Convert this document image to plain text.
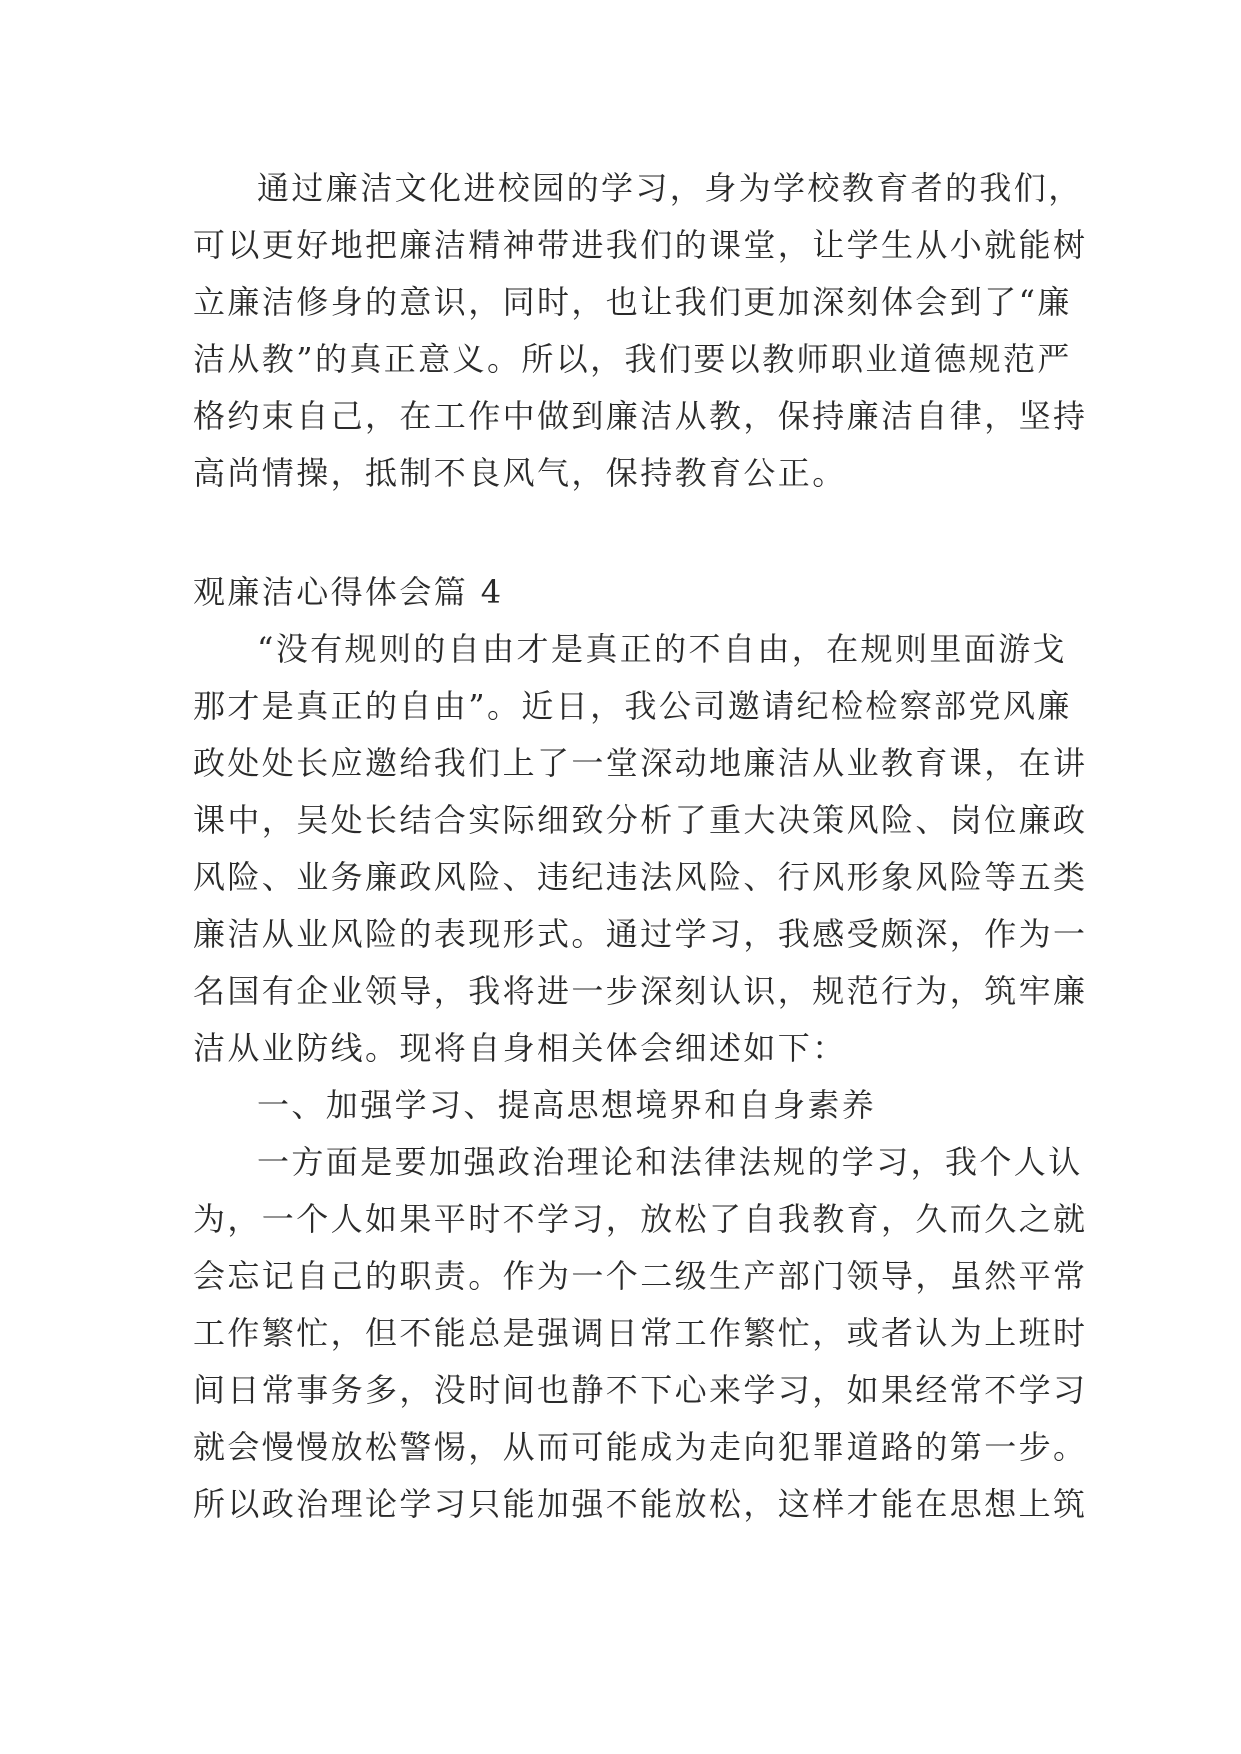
通过廉洁文化进校园的学习，身为学校教育者的我们，
可以更好地把廉洁精神带进我们的课堂，让学生从小就能树
立廉洁修身的意识，同时，也让我们更加深刻体会到了“廉
洁从教”的真正意义。所以，我们要以教师职业道德规范严
格约束自己，在工作中做到廉洁从教，保持廉洁自律，坚持
高尚情操，抵制不良风气，保持教育公正。
观廉洁心得体会篇 4
“没有规则的自由才是真正的不自由，在规则里面游戈
那才是真正的自由”。近日，我公司邀请纪检检察部党风廉
政处处长应邀给我们上了一堂深动地廉洁从业教育课，在讲
课中，吴处长结合实际细致分析了重大决策风险、岗位廉政
风险、业务廉政风险、违纪违法风险、行风形象风险等五类
廉洁从业风险的表现形式。通过学习，我感受颇深，作为一
名国有企业领导，我将进一步深刻认识，规范行为，筑牢廉
洁从业防线。现将自身相关体会细述如下：
一、加强学习、提高思想境界和自身素养
一方面是要加强政治理论和法律法规的学习，我个人认
为，一个人如果平时不学习，放松了自我教育，久而久之就
会忘记自己的职责。作为一个二级生产部门领导，虽然平常
工作繁忙，但不能总是强调日常工作繁忙，或者认为上班时
间日常事务多，没时间也静不下心来学习，如果经常不学习
就会慢慢放松警惕，从而可能成为走向犯罪道路的第一步。
所以政治理论学习只能加强不能放松，这样才能在思想上筑
